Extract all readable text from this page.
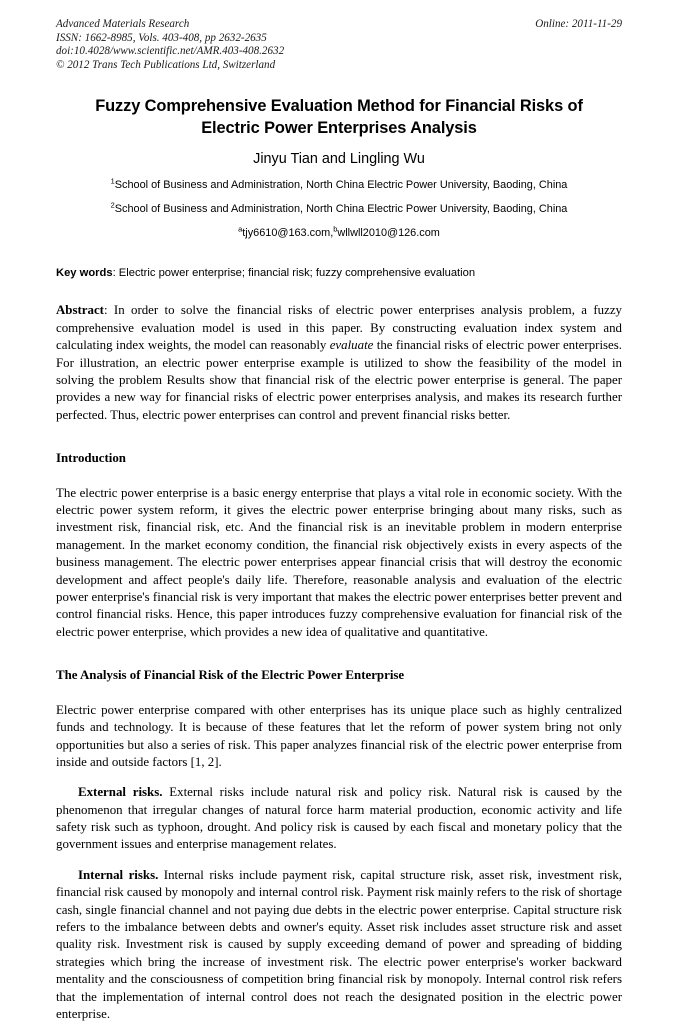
Advanced Materials Research
ISSN: 1662-8985, Vols. 403-408, pp 2632-2635
doi:10.4028/www.scientific.net/AMR.403-408.2632
© 2012 Trans Tech Publications Ltd, Switzerland
Online: 2011-11-29
Fuzzy Comprehensive Evaluation Method for Financial Risks of Electric Power Enterprises Analysis
Jinyu Tian and Lingling Wu
$^1$School of Business and Administration, North China Electric Power University, Baoding, China
$^2$School of Business and Administration, North China Electric Power University, Baoding, China
$^a$tjy6610@163.com,$^b$wllwll2010@126.com
Key words: Electric power enterprise; financial risk; fuzzy comprehensive evaluation
Abstract: In order to solve the financial risks of electric power enterprises analysis problem, a fuzzy comprehensive evaluation model is used in this paper. By constructing evaluation index system and calculating index weights, the model can reasonably evaluate the financial risks of electric power enterprises. For illustration, an electric power enterprise example is utilized to show the feasibility of the model in solving the problem Results show that financial risk of the electric power enterprise is general. The paper provides a new way for financial risks of electric power enterprises analysis, and makes its research further perfected. Thus, electric power enterprises can control and prevent financial risks better.
Introduction

The electric power enterprise is a basic energy enterprise that plays a vital role in economic society. With the electric power system reform, it gives the electric power enterprise bringing about many risks, such as investment risk, financial risk, etc. And the financial risk is an inevitable problem in modern enterprise management. In the market economy condition, the financial risk objectively exists in every aspects of the business management. The electric power enterprises appear financial crisis that will destroy the economic development and affect people's daily life. Therefore, reasonable analysis and evaluation of the electric power enterprise's financial risk is very important that makes the electric power enterprises better prevent and control financial risks. Hence, this paper introduces fuzzy comprehensive evaluation for financial risk of the electric power enterprise, which provides a new idea of qualitative and quantitative.

The Analysis of Financial Risk of the Electric Power Enterprise

Electric power enterprise compared with other enterprises has its unique place such as highly centralized funds and technology. It is because of these features that let the reform of power system bring not only opportunities but also a series of risk. This paper analyzes financial risk of the electric power enterprise from inside and outside factors [1, 2].

External risks. External risks include natural risk and policy risk. Natural risk is caused by the phenomenon that irregular changes of natural force harm material production, economic activity and life safety risk such as typhoon, drought. And policy risk is caused by each fiscal and monetary policy that the government issues and enterprise management relates.

Internal risks. Internal risks include payment risk, capital structure risk, asset risk, investment risk, financial risk caused by monopoly and internal control risk. Payment risk mainly refers to the risk of shortage cash, single financial channel and not paying due debts in the electric power enterprise. Capital structure risk refers to the imbalance between debts and owner's equity. Asset risk includes asset structure risk and asset quality risk. Investment risk is caused by supply exceeding demand of power and spreading of bidding strategies which bring the increase of investment risk. The electric power enterprise's worker backward mentality and the consciousness of competition bring financial risk by monopoly. Internal control risk refers that the implementation of internal control does not reach the designated position in the electric power enterprise.
